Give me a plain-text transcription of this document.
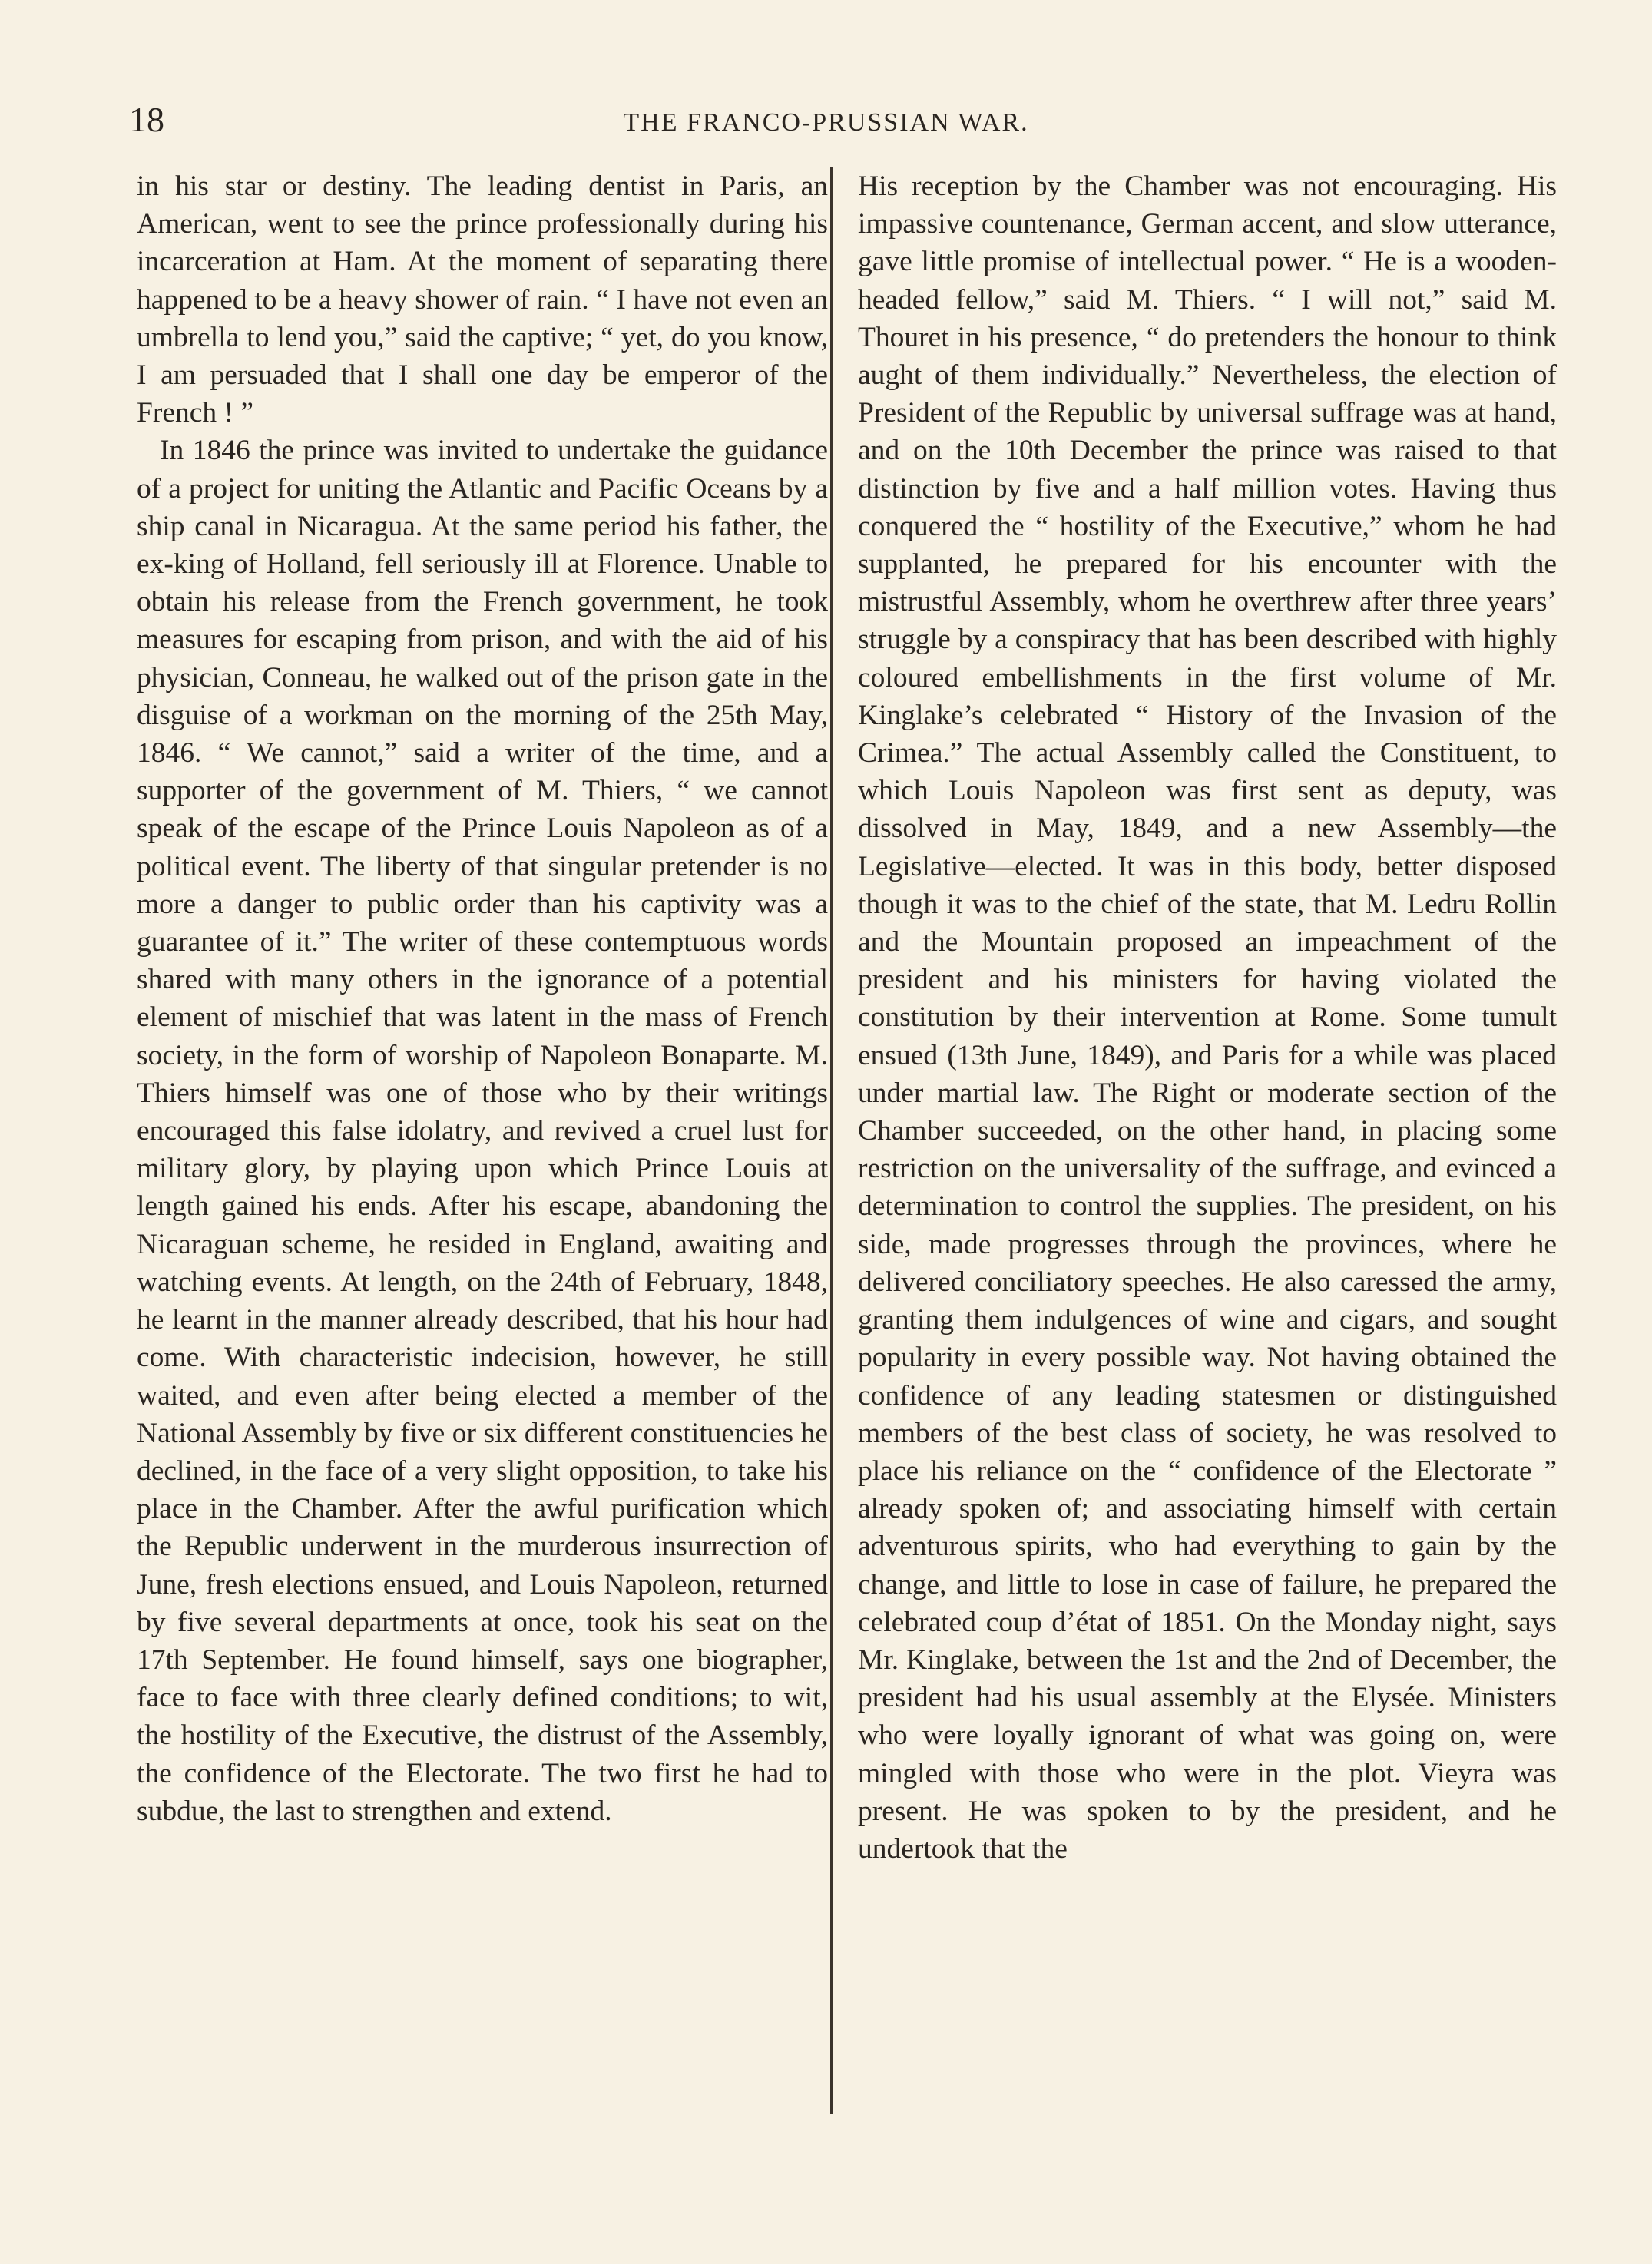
18	THE FRANCO-PRUSSIAN WAR.

in his star or destiny. The leading dentist in Paris, an American, went to see the prince professionally during his incarceration at Ham. At the moment of separating there happened to be a heavy shower of rain. “ I have not even an umbrella to lend you,” said the captive; “ yet, do you know, I am persuaded that I shall one day be emperor of the French ! ”

In 1846 the prince was invited to undertake the guidance of a project for uniting the Atlantic and Pacific Oceans by a ship canal in Nicaragua. At the same period his father, the ex-king of Holland, fell seriously ill at Florence. Unable to obtain his release from the French government, he took measures for escaping from prison, and with the aid of his physician, Conneau, he walked out of the prison gate in the disguise of a workman on the morning of the 25th May, 1846. “ We cannot,” said a writer of the time, and a supporter of the government of M. Thiers, “ we cannot speak of the escape of the Prince Louis Napoleon as of a political event. The liberty of that singular pretender is no more a danger to public order than his captivity was a guarantee of it.” The writer of these contemptuous words shared with many others in the ignorance of a potential element of mischief that was latent in the mass of French society, in the form of worship of Napoleon Bonaparte. M. Thiers himself was one of those who by their writings encouraged this false idolatry, and revived a cruel lust for military glory, by playing upon which Prince Louis at length gained his ends. After his escape, abandoning the Nicaraguan scheme, he resided in England, awaiting and watching events. At length, on the 24th of February, 1848, he learnt in the manner already described, that his hour had come. With characteristic indecision, however, he still waited, and even after being elected a member of the National Assembly by five or six different constituencies he declined, in the face of a very slight opposition, to take his place in the Chamber. After the awful purification which the Republic underwent in the murderous insurrection of June, fresh elections ensued, and Louis Napoleon, returned by five several departments at once, took his seat on the 17th September. He found himself, says one biographer, face to face with three clearly defined conditions; to wit, the hostility of the Executive, the distrust of the Assembly, the confidence of the Electorate. The two first he had to subdue, the last to strengthen and extend.

His reception by the Chamber was not encouraging. His impassive countenance, German accent, and slow utterance, gave little promise of intellectual power. “ He is a wooden-headed fellow,” said M. Thiers. “ I will not,” said M. Thouret in his presence, “ do pretenders the honour to think aught of them individually.” Nevertheless, the election of President of the Republic by universal suffrage was at hand, and on the 10th December the prince was raised to that distinction by five and a half million votes. Having thus conquered the “ hostility of the Executive,” whom he had supplanted, he prepared for his encounter with the mistrustful Assembly, whom he overthrew after three years’ struggle by a conspiracy that has been described with highly coloured embellishments in the first volume of Mr. Kinglake’s celebrated “ History of the Invasion of the Crimea.” The actual Assembly called the Constituent, to which Louis Napoleon was first sent as deputy, was dissolved in May, 1849, and a new Assembly—the Legislative—elected. It was in this body, better disposed though it was to the chief of the state, that M. Ledru Rollin and the Mountain proposed an impeachment of the president and his ministers for having violated the constitution by their intervention at Rome. Some tumult ensued (13th June, 1849), and Paris for a while was placed under martial law. The Right or moderate section of the Chamber succeeded, on the other hand, in placing some restriction on the universality of the suffrage, and evinced a determination to control the supplies. The president, on his side, made progresses through the provinces, where he delivered conciliatory speeches. He also caressed the army, granting them indulgences of wine and cigars, and sought popularity in every possible way. Not having obtained the confidence of any leading statesmen or distinguished members of the best class of society, he was resolved to place his reliance on the “ confidence of the Electorate ” already spoken of; and associating himself with certain adventurous spirits, who had everything to gain by the change, and little to lose in case of failure, he prepared the celebrated coup d’état of 1851. On the Monday night, says Mr. Kinglake, between the 1st and the 2nd of December, the president had his usual assembly at the Elysée. Ministers who were loyally ignorant of what was going on, were mingled with those who were in the plot. Vieyra was present. He was spoken to by the president, and he undertook that the
